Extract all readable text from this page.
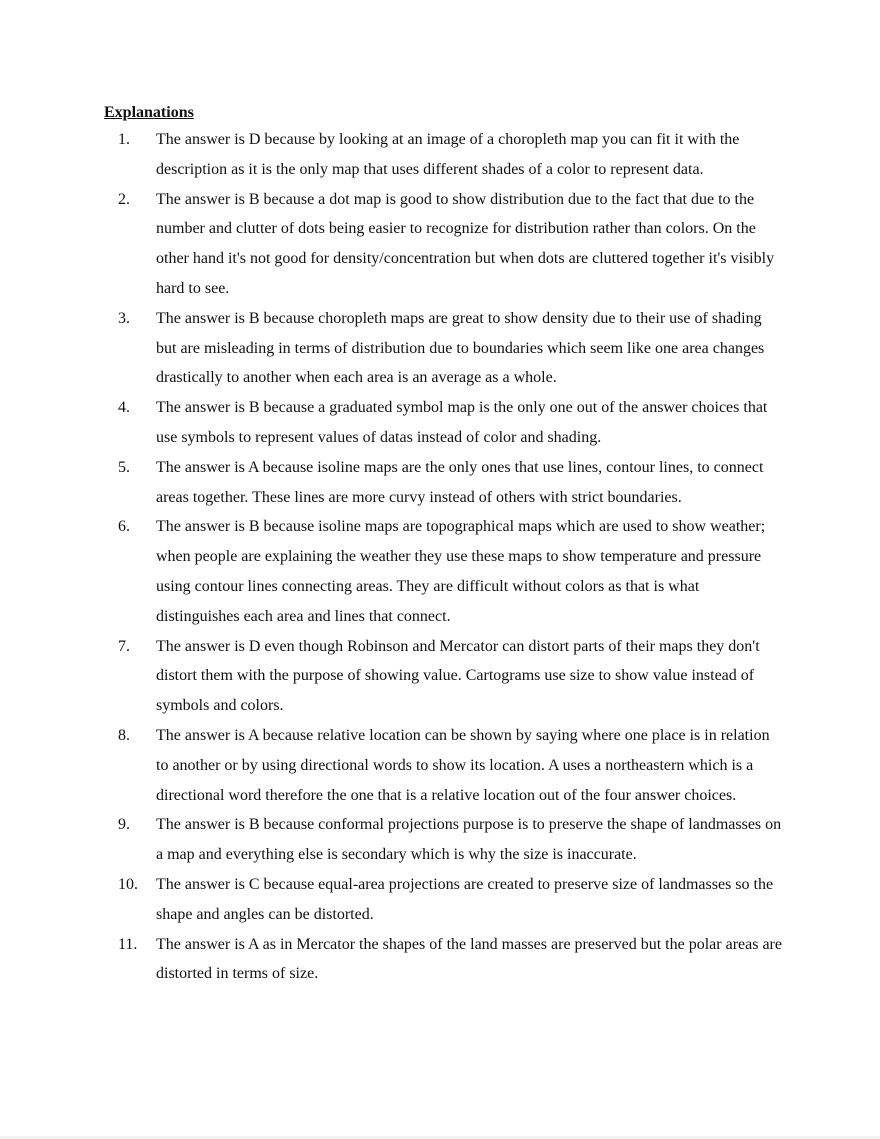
Explanations
1.	The answer is D because by looking at an image of a choropleth map you can fit it with the description as it is the only map that uses different shades of a color to represent data.
2.	The answer is B because a dot map is good to show distribution due to the fact that due to the number and clutter of dots being easier to recognize for distribution rather than colors. On the other hand it's not good for density/concentration but when dots are cluttered together it's visibly hard to see.
3.	The answer is B because choropleth maps are great to show density due to their use of shading but are misleading in terms of distribution due to boundaries which seem like one area changes drastically to another when each area is an average as a whole.
4.	The answer is B because a graduated symbol map is the only one out of the answer choices that use symbols to represent values of datas instead of color and shading.
5.	The answer is A because isoline maps are the only ones that use lines, contour lines, to connect areas together. These lines are more curvy instead of others with strict boundaries.
6.	The answer is B because isoline maps are topographical maps which are used to show weather; when people are explaining the weather they use these maps to show temperature and pressure using contour lines connecting areas. They are difficult without colors as that is what distinguishes each area and lines that connect.
7.	The answer is D even though Robinson and Mercator can distort parts of their maps they don't distort them with the purpose of showing value. Cartograms use size to show value instead of symbols and colors.
8.	The answer is A because relative location can be shown by saying where one place is in relation to another or by using directional words to show its location. A uses a northeastern which is a directional word therefore the one that is a relative location out of the four answer choices.
9.	The answer is B because conformal projections purpose is to preserve the shape of landmasses on a map and everything else is secondary which is why the size is inaccurate.
10.	The answer is C because equal-area projections are created to preserve size of landmasses so the shape and angles can be distorted.
11.	The answer is A as in Mercator the shapes of the land masses are preserved but the polar areas are distorted in terms of size.
